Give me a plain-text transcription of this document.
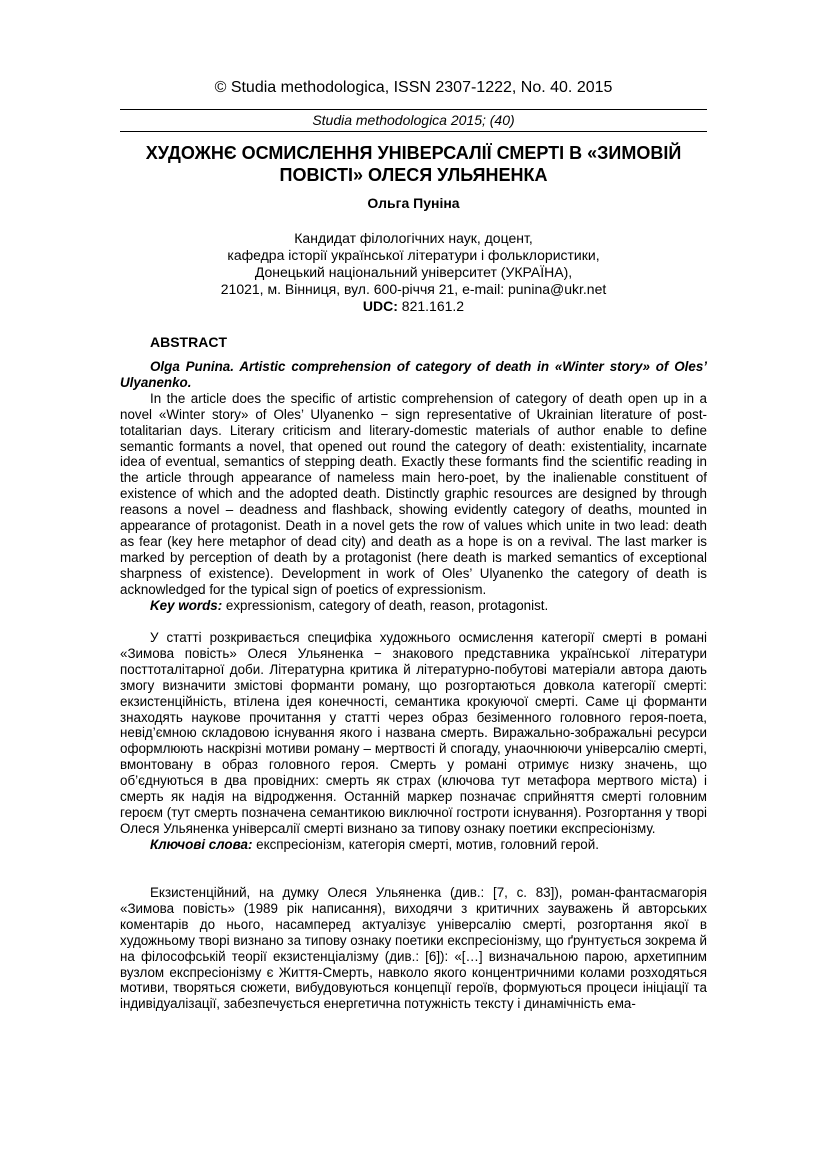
© Studia methodologica, ISSN 2307-1222, No. 40. 2015
Studia methodologica 2015; (40)
ХУДОЖНЄ ОСМИСЛЕННЯ УНІВЕРСАЛІЇ СМЕРТІ В «ЗИМОВІЙ
ПОВІСТІ» ОЛЕСЯ УЛЬЯНЕНКА
Ольга Пуніна
Кандидат філологічних наук, доцент,
кафедра історії української літератури і фольклористики,
Донецький національний університет (УКРАЇНА),
21021, м. Вінниця, вул. 600-річчя 21, e-mail: punina@ukr.net
UDC: 821.161.2
ABSTRACT

Olga Punina. Artistic comprehension of category of death in «Winter story» of Oles’ Ulyanenko.

In the article does the specific of artistic comprehension of category of death open up in a novel «Winter story» of Oles’ Ulyanenko − sign representative of Ukrainian literature of post-totalitarian days. Literary criticism and literary-domestic materials of author enable to define semantic formants a novel, that opened out round the category of death: existentiality, incarnate idea of eventual, semantics of stepping death. Exactly these formants find the scientific reading in the article through appearance of nameless main hero-poet, by the inalienable constituent of existence of which and the adopted death. Distinctly graphic resources are designed by through reasons a novel – deadness and flashback, showing evidently category of deaths, mounted in appearance of protagonist. Death in a novel gets the row of values which unite in two lead: death as fear (key here metaphor of dead city) and death as a hope is on a revival. The last marker is marked by perception of death by a protagonist (here death is marked semantics of exceptional sharpness of existence). Development in work of Oles’ Ulyanenko the category of death is acknowledged for the typical sign of poetics of expressionism.

Key words: expressionism, category of death, reason, protagonist.

У статті розкривається специфіка художнього осмислення категорії смерті в романі «Зимова повість» Олеся Ульяненка − знакового представника української літератури посттоталітарної доби. Літературна критика й літературно-побутові матеріали автора дають змогу визначити змістові форманти роману, що розгортаються довкола категорії смерті: екзистенційність, втілена ідея конечності, семантика крокуючої смерті. Саме ці форманти знаходять наукове прочитання у статті через образ безіменного головного героя-поета, невід’ємною складовою існування якого і названа смерть. Виражально-зображальні ресурси оформлюють наскрізні мотиви роману – мертвості й спогаду, унаочнюючи універсалію смерті, вмонтовану в образ головного героя. Смерть у романі отримує низку значень, що об’єднуються в два провідних: смерть як страх (ключова тут метафора мертвого міста) і смерть як надія на відродження. Останній маркер позначає сприйняття смерті головним героєм (тут смерть позначена семантикою виключної гостроти існування). Розгортання у творі Олеся Ульяненка універсалії смерті визнано за типову ознаку поетики експресіонізму.

Ключові слова: експресіонізм, категорія смерті, мотив, головний герой.

Екзистенційний, на думку Олеся Ульяненка (див.: [7, с. 83]), роман-фантасмагорія «Зимова повість» (1989 рік написання), виходячи з критичних зауважень й авторських коментарів до нього, насамперед актуалізує універсалію смерті, розгортання якої в художньому творі визнано за типову ознаку поетики експресіонізму, що ґрунтується зокрема й на філософській теорії екзистенціалізму (див.: [6]): «[…] визначальною парою, архетипним вузлом експресіонізму є Життя-Смерть, навколо якого концентричними колами розходяться мотиви, творяться сюжети, вибудовуються концепції героїв, формуються процеси ініціації та індивідуалізації, забезпечується енергетична потужність тексту і динамічність ема-
